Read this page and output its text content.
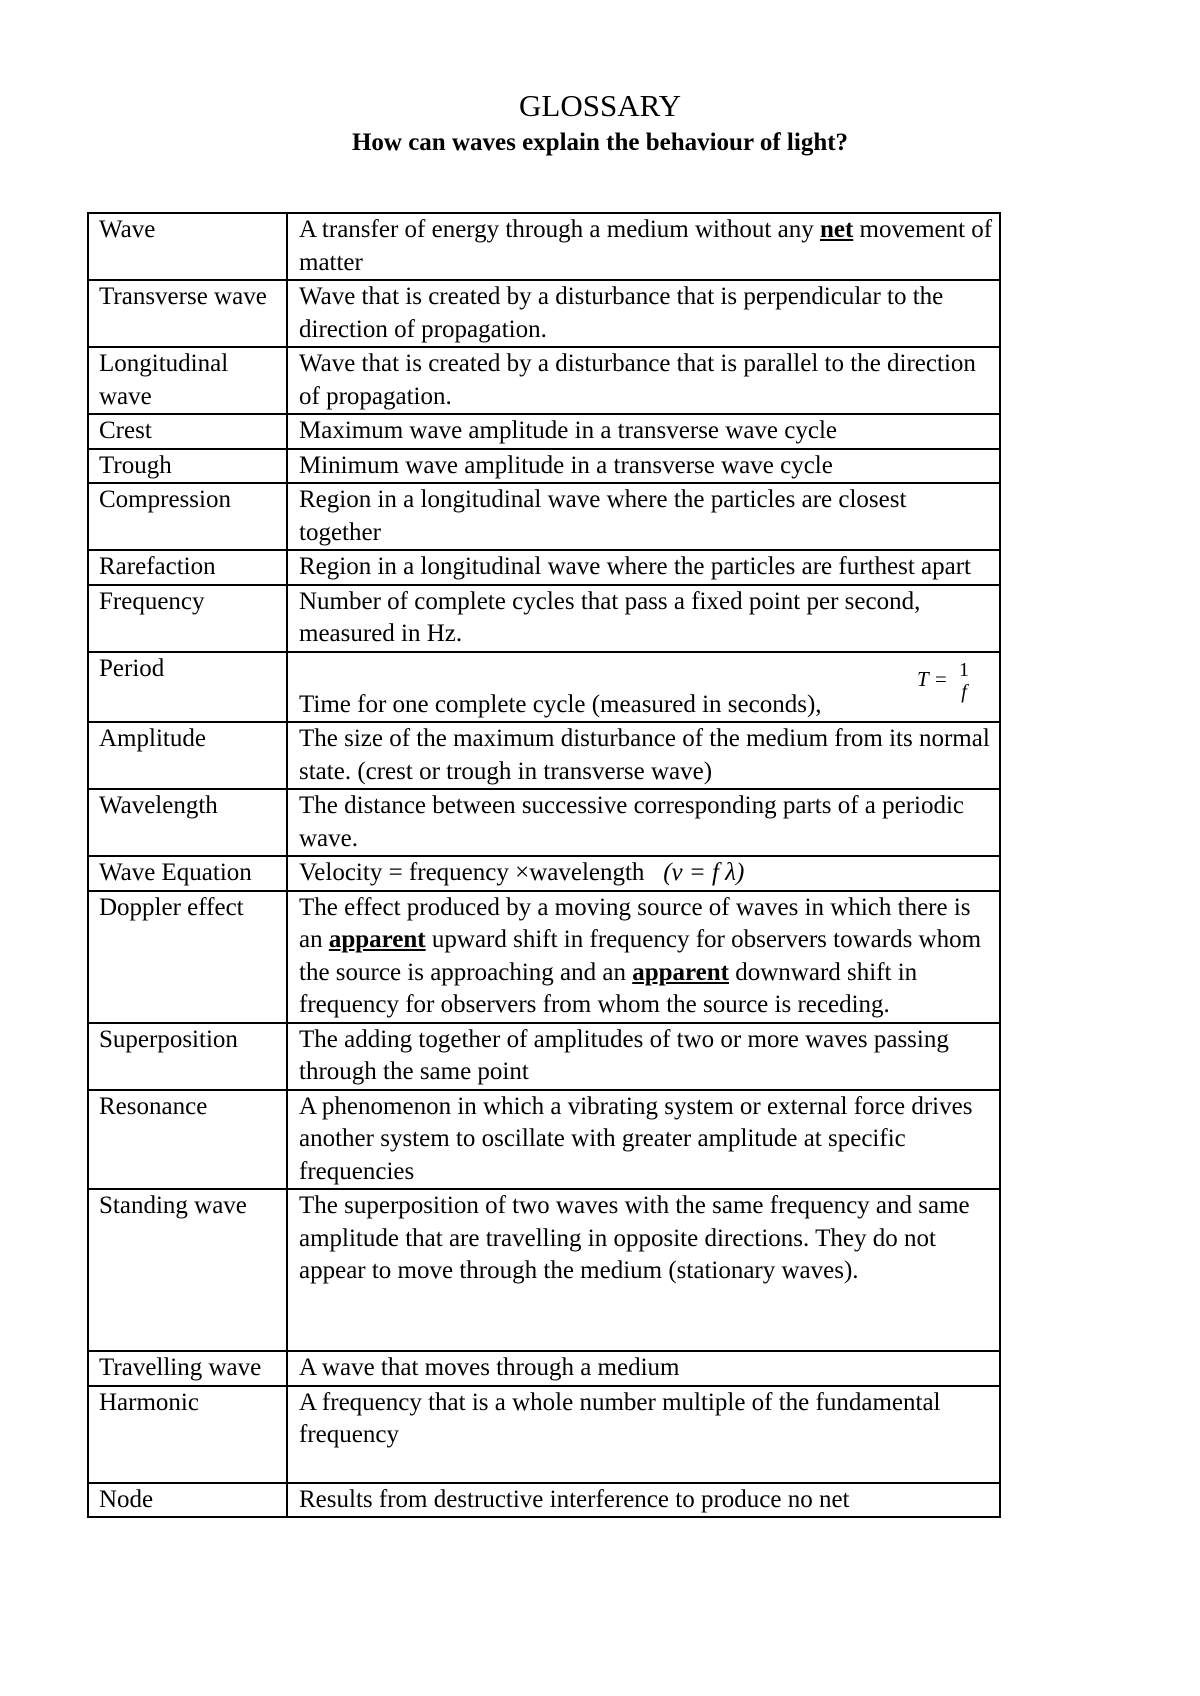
GLOSSARY
How can waves explain the behaviour of light?
Wave	A transfer of energy through a medium without any net movement of matter
Transverse wave	Wave that is created by a disturbance that is perpendicular to the direction of propagation.
Longitudinal wave	Wave that is created by a disturbance that is parallel to the direction of propagation.
Crest	Maximum wave amplitude in a transverse wave cycle
Trough	Minimum wave amplitude in a transverse wave cycle
Compression	Region in a longitudinal wave where the particles are closest together
Rarefaction	Region in a longitudinal wave where the particles are furthest apart
Frequency	Number of complete cycles that pass a fixed point per second, measured in Hz.
Period	Time for one complete cycle (measured in seconds),
T = 1
f

Amplitude	The size of the maximum disturbance of the medium from its normal state. (crest or trough in transverse wave)
Wavelength	The distance between successive corresponding parts of a periodic wave.
Wave Equation	Velocity = frequency ×wavelength (v = f λ)
Doppler effect	The effect produced by a moving source of waves in which there is an apparent upward shift in frequency for observers towards whom the source is approaching and an apparent downward shift in frequency for observers from whom the source is receding.
Superposition	The adding together of amplitudes of two or more waves passing through the same point
Resonance	A phenomenon in which a vibrating system or external force drives another system to oscillate with greater amplitude at specific frequencies
Standing wave	The superposition of two waves with the same frequency and same amplitude that are travelling in opposite directions. They do not appear to move through the medium (stationary waves).
Travelling wave	A wave that moves through a medium
Harmonic	A frequency that is a whole number multiple of the fundamental frequency
Node	Results from destructive interference to produce no net
